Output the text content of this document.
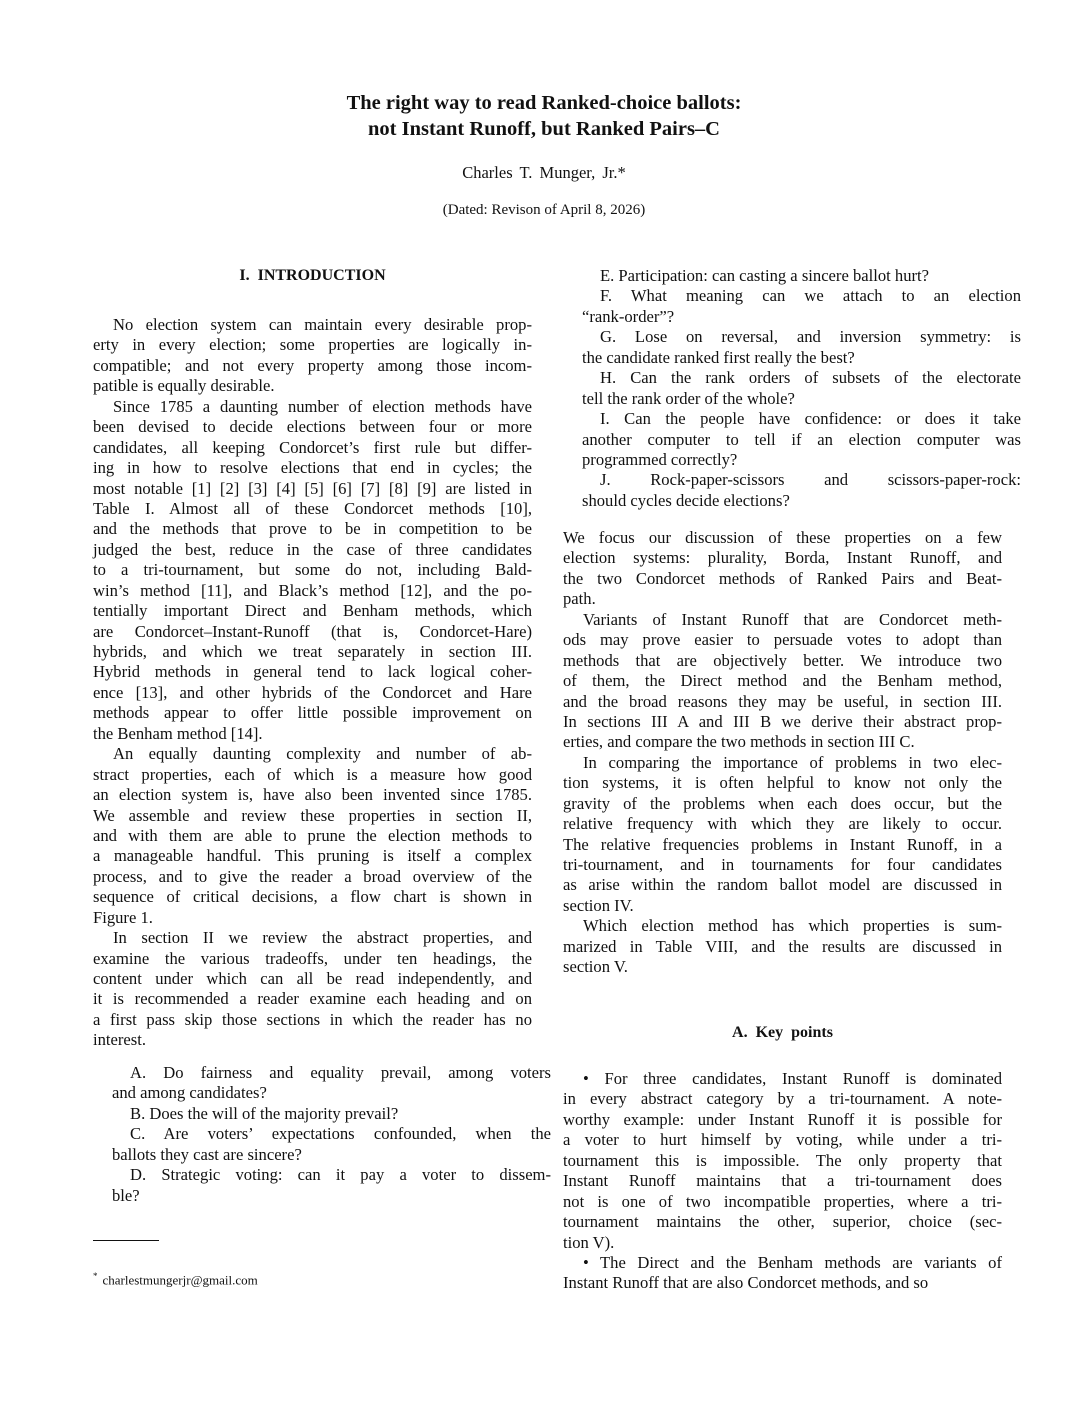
The right way to read Ranked-choice ballots:
not Instant Runoff, but Ranked Pairs–C
Charles T. Munger, Jr.*
(Dated: Revison of April 8, 2026)
I. INTRODUCTION
No election system can maintain every desirable prop-
erty in every election; some properties are logically in-
compatible; and not every property among those incom-
patible is equally desirable.
Since 1785 a daunting number of election methods have
been devised to decide elections between four or more
candidates, all keeping Condorcet’s first rule but differ-
ing in how to resolve elections that end in cycles; the
most notable [1] [2] [3] [4] [5] [6] [7] [8] [9] are listed in
Table I. Almost all of these Condorcet methods [10],
and the methods that prove to be in competition to be
judged the best, reduce in the case of three candidates
to a tri-tournament, but some do not, including Bald-
win’s method [11], and Black’s method [12], and the po-
tentially important Direct and Benham methods, which
are Condorcet–Instant-Runoff (that is, Condorcet-Hare)
hybrids, and which we treat separately in section III.
Hybrid methods in general tend to lack logical coher-
ence [13], and other hybrids of the Condorcet and Hare
methods appear to offer little possible improvement on
the Benham method [14].
An equally daunting complexity and number of ab-
stract properties, each of which is a measure how good
an election system is, have also been invented since 1785.
We assemble and review these properties in section II,
and with them are able to prune the election methods to
a manageable handful. This pruning is itself a complex
process, and to give the reader a broad overview of the
sequence of critical decisions, a flow chart is shown in
Figure 1.
In section II we review the abstract properties, and
examine the various tradeoffs, under ten headings, the
content under which can all be read independently, and
it is recommended a reader examine each heading and on
a first pass skip those sections in which the reader has no
interest.
A. Do fairness and equality prevail, among voters
and among candidates?
B. Does the will of the majority prevail?
C. Are voters’ expectations confounded, when the
ballots they cast are sincere?
D. Strategic voting: can it pay a voter to dissem-
ble?
* charlestmungerjr@gmail.com
E. Participation: can casting a sincere ballot hurt?
F. What meaning can we attach to an election
“rank-order”?
G. Lose on reversal, and inversion symmetry: is
the candidate ranked first really the best?
H. Can the rank orders of subsets of the electorate
tell the rank order of the whole?
I. Can the people have confidence: or does it take
another computer to tell if an election computer was
programmed correctly?
J. Rock-paper-scissors and scissors-paper-rock:
should cycles decide elections?
We focus our discussion of these properties on a few
election systems: plurality, Borda, Instant Runoff, and
the two Condorcet methods of Ranked Pairs and Beat-
path.
Variants of Instant Runoff that are Condorcet meth-
ods may prove easier to persuade votes to adopt than
methods that are objectively better. We introduce two
of them, the Direct method and the Benham method,
and the broad reasons they may be useful, in section III.
In sections III A and III B we derive their abstract prop-
erties, and compare the two methods in section III C.
In comparing the importance of problems in two elec-
tion systems, it is often helpful to know not only the
gravity of the problems when each does occur, but the
relative frequency with which they are likely to occur.
The relative frequencies problems in Instant Runoff, in a
tri-tournament, and in tournaments for four candidates
as arise within the random ballot model are discussed in
section IV.
Which election method has which properties is sum-
marized in Table VIII, and the results are discussed in
section V.
A. Key points
• For three candidates, Instant Runoff is dominated
in every abstract category by a tri-tournament. A note-
worthy example: under Instant Runoff it is possible for
a voter to hurt himself by voting, while under a tri-
tournament this is impossible. The only property that
Instant Runoff maintains that a tri-tournament does
not is one of two incompatible properties, where a tri-
tournament maintains the other, superior, choice (sec-
tion V).
• The Direct and the Benham methods are variants of
Instant Runoff that are also Condorcet methods, and so
